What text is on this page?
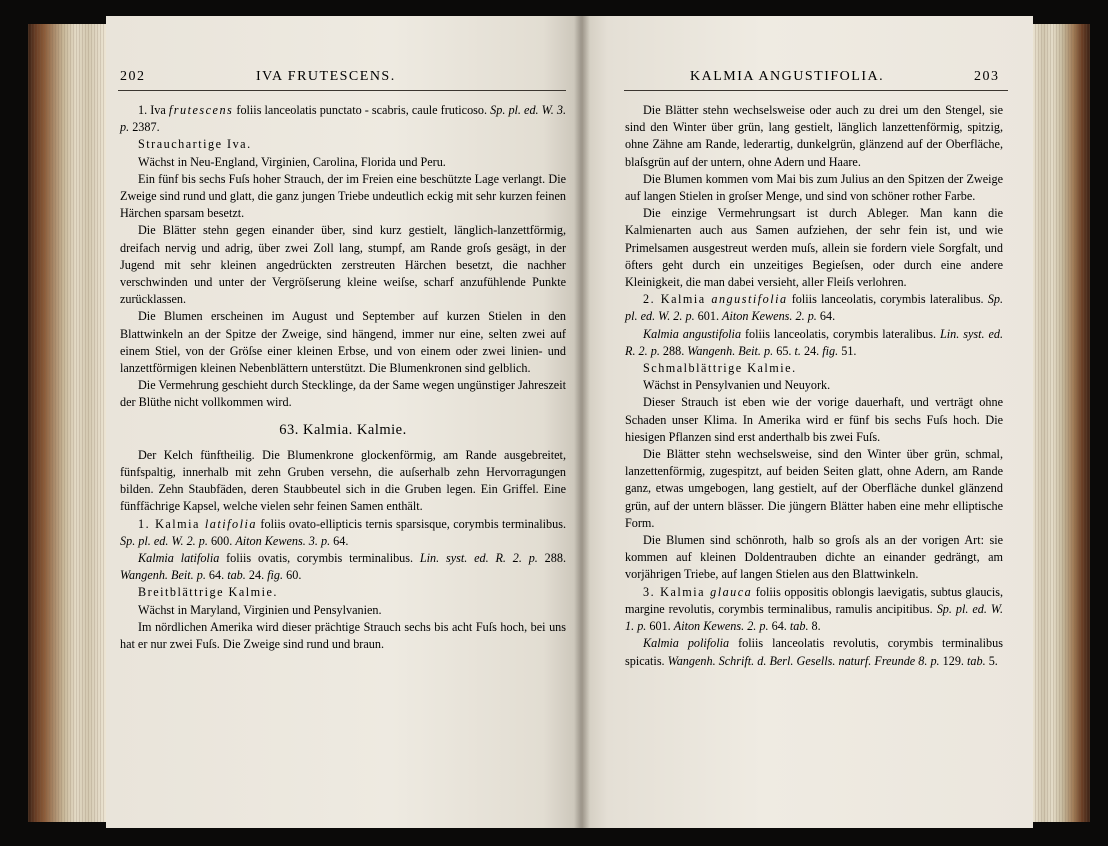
202	IVA FRUTESCENS.

1. Iva frutescens foliis lanceolatis punctato - scabris, caule fruticoso. Sp. pl. ed. W. 3. p. 2387.

Strauchartige Iva.

Wächst in Neu-England, Virginien, Carolina, Florida und Peru.

Ein fünf bis sechs Fuſs hoher Strauch, der im Freien eine beschützte Lage verlangt. Die Zweige sind rund und glatt, die ganz jungen Triebe undeutlich eckig mit sehr kurzen feinen Härchen sparsam besetzt.

Die Blätter stehn gegen einander über, sind kurz gestielt, länglich-lanzettförmig, dreifach nervig und adrig, über zwei Zoll lang, stumpf, am Rande groſs gesägt, in der Jugend mit sehr kleinen angedrückten zerstreuten Härchen besetzt, die nachher verschwinden und unter der Vergröſserung kleine weiſse, scharf anzufühlende Punkte zurücklassen.

Die Blumen erscheinen im August und September auf kurzen Stielen in den Blattwinkeln an der Spitze der Zweige, sind hängend, immer nur eine, selten zwei auf einem Stiel, von der Gröſse einer kleinen Erbse, und von einem oder zwei linien- und lanzettförmigen kleinen Nebenblättern unterstützt. Die Blumenkronen sind gelblich.

Die Vermehrung geschieht durch Stecklinge, da der Same wegen ungünstiger Jahreszeit der Blüthe nicht vollkommen wird.

63. Kalmia. Kalmie.

Der Kelch fünftheilig. Die Blumenkrone glockenförmig, am Rande ausgebreitet, fünfspaltig, innerhalb mit zehn Gruben versehn, die auſserhalb zehn Hervorragungen bilden. Zehn Staubfäden, deren Staubbeutel sich in die Gruben legen. Ein Griffel. Eine fünffächrige Kapsel, welche vielen sehr feinen Samen enthält.

1. Kalmia latifolia foliis ovato-ellipticis ternis sparsisque, corymbis terminalibus. Sp. pl. ed. W. 2. p. 600. Aiton Kewens. 3. p. 64.

Kalmia latifolia foliis ovatis, corymbis terminalibus. Lin. syst. ed. R. 2. p. 288. Wangenh. Beit. p. 64. tab. 24. fig. 60.

Breitblättrige Kalmie.

Wächst in Maryland, Virginien und Pensylvanien.

Im nördlichen Amerika wird dieser prächtige Strauch sechs bis acht Fuſs hoch, bei uns hat er nur zwei Fuſs. Die Zweige sind rund und braun.

KALMIA ANGUSTIFOLIA.	203

Die Blätter stehn wechselsweise oder auch zu drei um den Stengel, sie sind den Winter über grün, lang gestielt, länglich lanzettenförmig, spitzig, ohne Zähne am Rande, lederartig, dunkelgrün, glänzend auf der Oberfläche, blaſsgrün auf der untern, ohne Adern und Haare.

Die Blumen kommen vom Mai bis zum Julius an den Spitzen der Zweige auf langen Stielen in groſser Menge, und sind von schöner rother Farbe.

Die einzige Vermehrungsart ist durch Ableger. Man kann die Kalmienarten auch aus Samen aufziehen, der sehr fein ist, und wie Primelsamen ausgestreut werden muſs, allein sie fordern viele Sorgfalt, und öfters geht durch ein unzeitiges Begieſsen, oder durch eine andere Kleinigkeit, die man dabei versieht, aller Fleiſs verlohren.

2. Kalmia angustifolia foliis lanceolatis, corymbis lateralibus. Sp. pl. ed. W. 2. p. 601. Aiton Kewens. 2. p. 64.

Kalmia angustifolia foliis lanceolatis, corymbis lateralibus. Lin. syst. ed. R. 2. p. 288. Wangenh. Beit. p. 65. t. 24. fig. 51.

Schmalblättrige Kalmie.

Wächst in Pensylvanien und Neuyork.

Dieser Strauch ist eben wie der vorige dauerhaft, und verträgt ohne Schaden unser Klima. In Amerika wird er fünf bis sechs Fuſs hoch. Die hiesigen Pflanzen sind erst anderthalb bis zwei Fuſs.

Die Blätter stehn wechselsweise, sind den Winter über grün, schmal, lanzettenförmig, zugespitzt, auf beiden Seiten glatt, ohne Adern, am Rande ganz, etwas umgebogen, lang gestielt, auf der Oberfläche dunkel glänzend grün, auf der untern blässer. Die jüngern Blätter haben eine mehr elliptische Form.

Die Blumen sind schönroth, halb so groſs als an der vorigen Art: sie kommen auf kleinen Doldentrauben dichte an einander gedrängt, am vorjährigen Triebe, auf langen Stielen aus den Blattwinkeln.

3. Kalmia glauca foliis oppositis oblongis laevigatis, subtus glaucis, margine revolutis, corymbis terminalibus, ramulis ancipitibus. Sp. pl. ed. W. 1. p. 601. Aiton Kewens. 2. p. 64. tab. 8.

Kalmia polifolia foliis lanceolatis revolutis, corymbis terminalibus spicatis. Wangenh. Schrift. d. Berl. Gesells. naturf. Freunde 8. p. 129. tab. 5.
